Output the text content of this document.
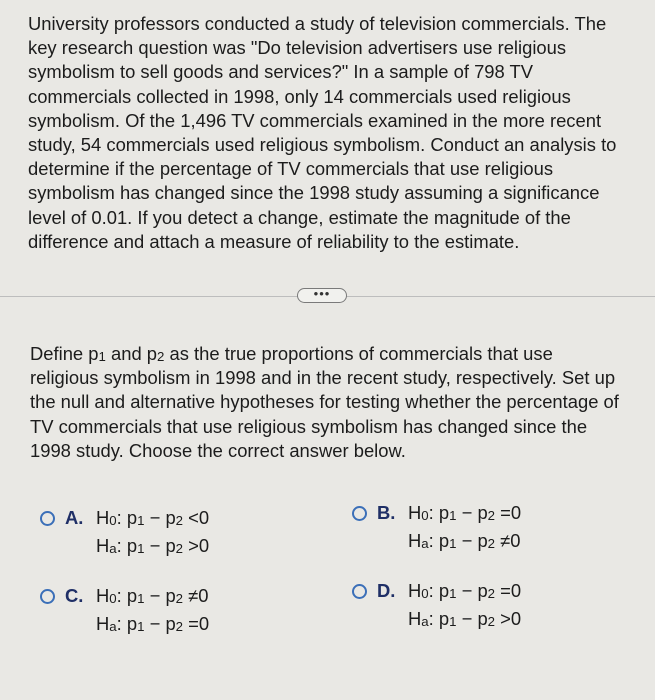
University professors conducted a study of television commercials. The
key research question was "Do television advertisers use religious
symbolism to sell goods and services?" In a sample of 798 TV
commercials collected in 1998, only 14 commercials used religious
symbolism. Of the 1,496 TV commercials examined in the more recent
study, 54 commercials used religious symbolism. Conduct an analysis to
determine if the percentage of TV commercials that use religious
symbolism has changed since the 1998 study assuming a significance
level of 0.01. If you detect a change, estimate the magnitude of the
difference and attach a measure of reliability to the estimate.
•••
Define $p_1$ and $p_2$ as the true proportions of commercials that use
religious symbolism in 1998 and in the recent study, respectively. Set up
the null and alternative hypotheses for testing whether the percentage of
TV commercials that use religious symbolism has changed since the
1998 study. Choose the correct answer below.
A. $H_0$: $p_1 - p_2 <0$
$H_a$: $p_1 - p_2 >0$
B. $H_0$: $p_1 - p_2 =0$
$H_a$: $p_1 - p_2 \ne 0$
C. $H_0$: $p_1 - p_2 \ne 0$
$H_a$: $p_1 - p_2 =0$
D. $H_0$: $p_1 - p_2 =0$
$H_a$: $p_1 - p_2 >0$
